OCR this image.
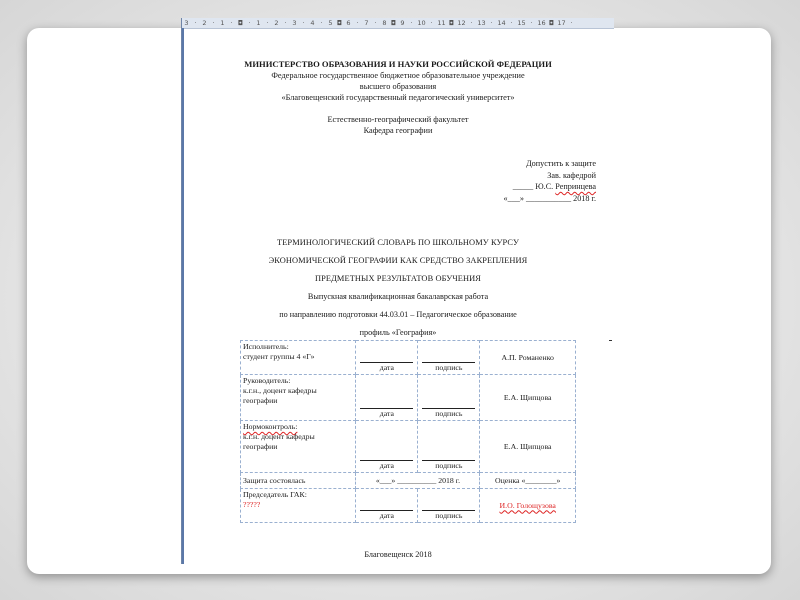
3 · 2 · 1 · ◘ · 1 · 2 · 3 · 4 · 5 ◘ 6 · 7 · 8 ◘ 9 · 10 · 11 ◘ 12 · 13 · 14 · 15 · 16 ◘ 17 ·
МИНИСТЕРСТВО ОБРАЗОВАНИЯ И НАУКИ РОССИЙСКОЙ ФЕДЕРАЦИИ
Федеральное государственное бюджетное образовательное учреждение
высшего образования
«Благовещенский государственный педагогический университет»
Естественно-географический факультет
Кафедра географии
Допустить к защите
Зав. кафедрой
_____ Ю.С. Репринцева
«___» ___________ 2018 г.
ТЕРМИНОЛОГИЧЕСКИЙ СЛОВАРЬ ПО ШКОЛЬНОМУ КУРСУ
ЭКОНОМИЧЕСКОЙ ГЕОГРАФИИ КАК СРЕДСТВО ЗАКРЕПЛЕНИЯ
ПРЕДМЕТНЫХ РЕЗУЛЬТАТОВ ОБУЧЕНИЯ
Выпускная квалификационная бакалаврская работа
по направлению подготовки 44.03.01 – Педагогическое образование
профиль «География»
Исполнитель:
студент группы 4 «Г»	дата	подпись	А.П. Романенко

Руководитель:
к.г.н., доцент кафедры
географии	дата	подпись	Е.А. Щипцова

Нормоконтроль:
к.г.н. доцент кафедры
географии	дата	подпись	Е.А. Щипцова
Защита состоялась	«___» __________ 2018 г.		Оценка «________»

Председатель ГАК:
?????	дата	подпись	И.О. Голощузова
Благовещенск 2018
